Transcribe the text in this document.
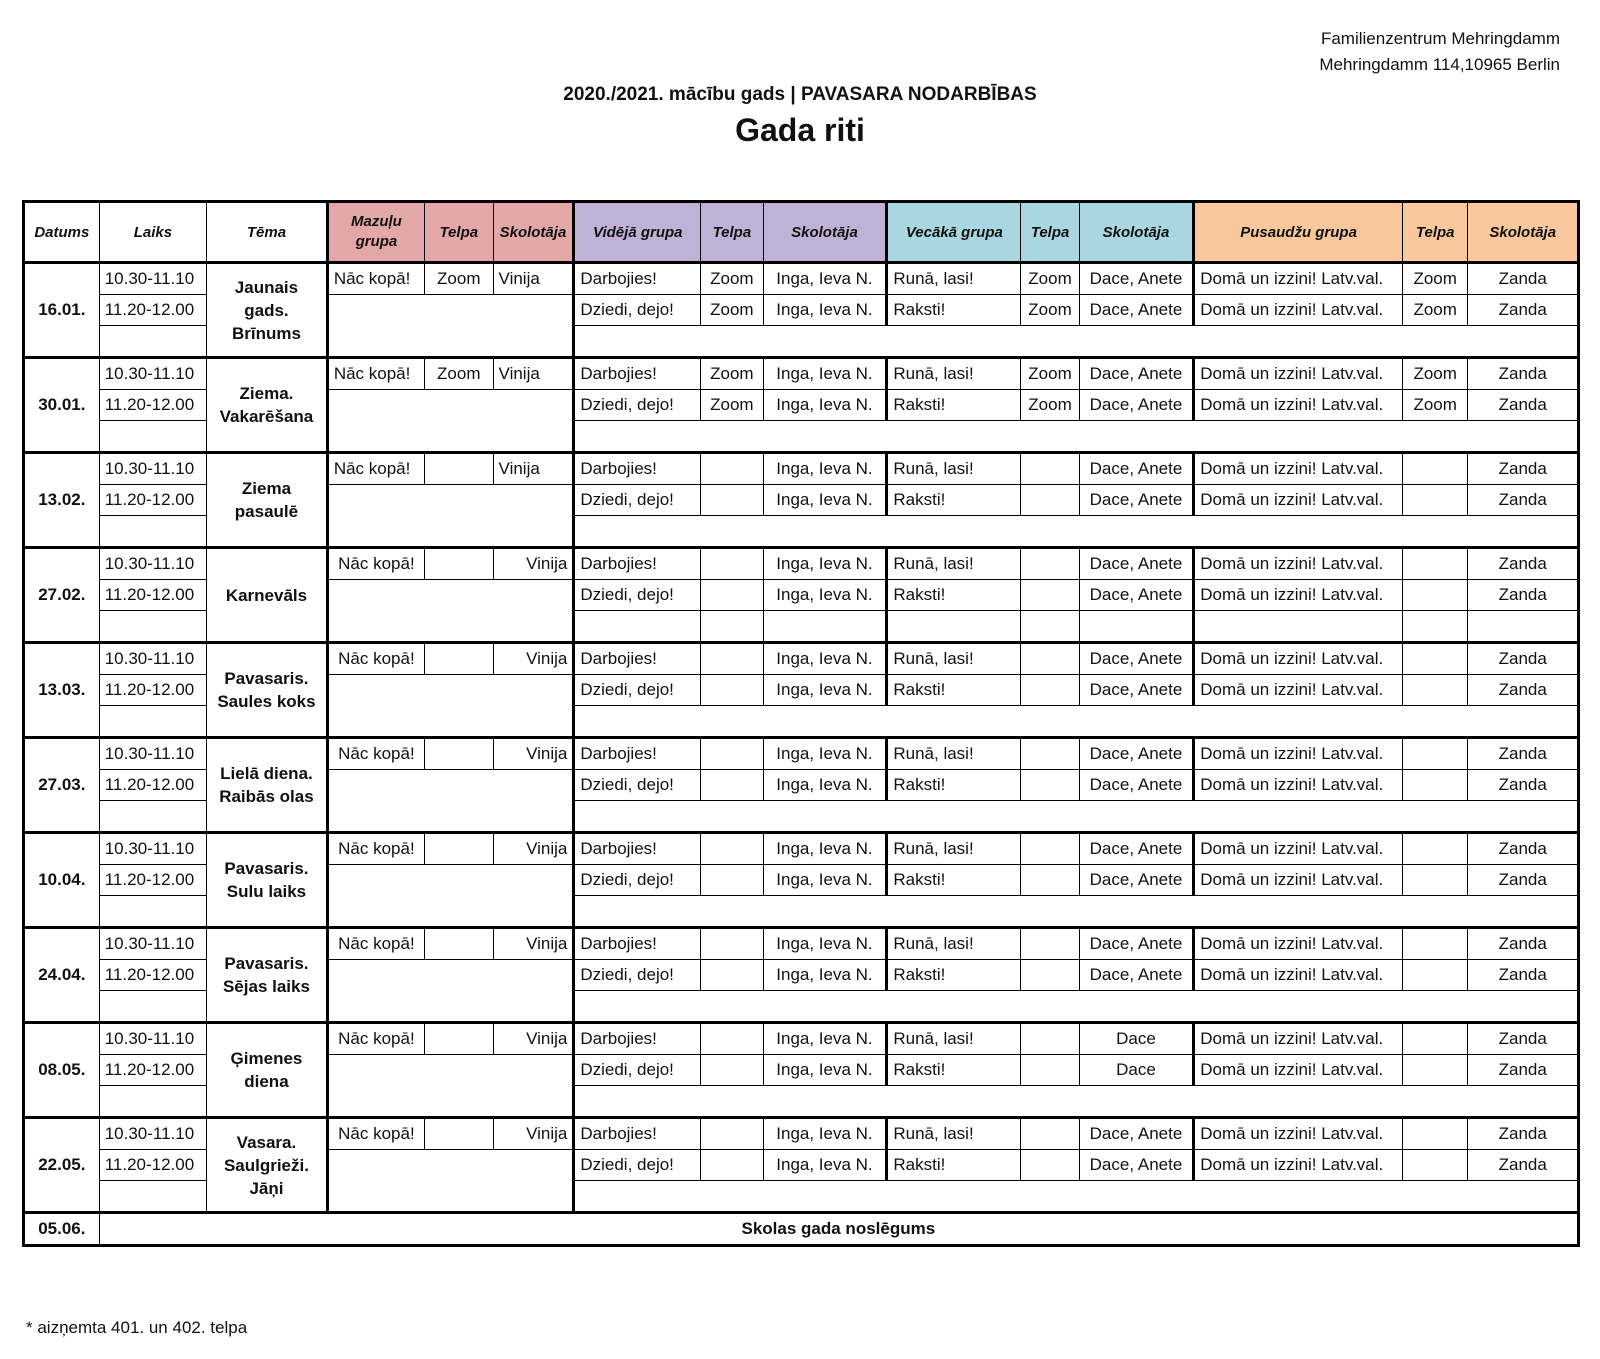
Familienzentrum Mehringdamm
Mehringdamm 114,10965 Berlin
2020./2021. mācību gads | PAVASARA NODARBĪBAS
Gada riti
Datums	Laiks	Tēma	Mazuļu grupa	Telpa	Skolotāja	Vidējā grupa	Telpa	Skolotāja	Vecākā grupa	Telpa	Skolotāja	Pusaudžu grupa	Telpa	Skolotāja
16.01.	10.30-11.10	Jaunais gads. Brīnums	Nāc kopā!	Zoom	Vinija	Darbojies!	Zoom	Inga, Ieva N.	Runā, lasi!	Zoom	Dace, Anete	Domā un izzini! Latv.val.	Zoom	Zanda
	11.20-12.00					Dziedi, dejo!	Zoom	Inga, Ieva N.	Raksti!	Zoom	Dace, Anete	Domā un izzini! Latv.val.	Zoom	Zanda

30.01.	10.30-11.10	Ziema. Vakarēšana	Nāc kopā!	Zoom	Vinija	Darbojies!	Zoom	Inga, Ieva N.	Runā, lasi!	Zoom	Dace, Anete	Domā un izzini! Latv.val.	Zoom	Zanda
	11.20-12.00					Dziedi, dejo!	Zoom	Inga, Ieva N.	Raksti!	Zoom	Dace, Anete	Domā un izzini! Latv.val.	Zoom	Zanda

13.02.	10.30-11.10	Ziema pasaulē	Nāc kopā!		Vinija	Darbojies!		Inga, Ieva N.	Runā, lasi!		Dace, Anete	Domā un izzini! Latv.val.		Zanda
	11.20-12.00					Dziedi, dejo!		Inga, Ieva N.	Raksti!		Dace, Anete	Domā un izzini! Latv.val.		Zanda

27.02.	10.30-11.10	Karnevāls	Nāc kopā!		Vinija	Darbojies!		Inga, Ieva N.	Runā, lasi!		Dace, Anete	Domā un izzini! Latv.val.		Zanda
	11.20-12.00					Dziedi, dejo!		Inga, Ieva N.	Raksti!		Dace, Anete	Domā un izzini! Latv.val.		Zanda

13.03.	10.30-11.10	Pavasaris. Saules koks	Nāc kopā!		Vinija	Darbojies!		Inga, Ieva N.	Runā, lasi!		Dace, Anete	Domā un izzini! Latv.val.		Zanda
	11.20-12.00					Dziedi, dejo!		Inga, Ieva N.	Raksti!		Dace, Anete	Domā un izzini! Latv.val.		Zanda

27.03.	10.30-11.10	Lielā diena. Raibās olas	Nāc kopā!		Vinija	Darbojies!		Inga, Ieva N.	Runā, lasi!		Dace, Anete	Domā un izzini! Latv.val.		Zanda
	11.20-12.00					Dziedi, dejo!		Inga, Ieva N.	Raksti!		Dace, Anete	Domā un izzini! Latv.val.		Zanda

10.04.	10.30-11.10	Pavasaris. Sulu laiks	Nāc kopā!		Vinija	Darbojies!		Inga, Ieva N.	Runā, lasi!		Dace, Anete	Domā un izzini! Latv.val.		Zanda
	11.20-12.00					Dziedi, dejo!		Inga, Ieva N.	Raksti!		Dace, Anete	Domā un izzini! Latv.val.		Zanda

24.04.	10.30-11.10	Pavasaris. Sējas laiks	Nāc kopā!		Vinija	Darbojies!		Inga, Ieva N.	Runā, lasi!		Dace, Anete	Domā un izzini! Latv.val.		Zanda
	11.20-12.00					Dziedi, dejo!		Inga, Ieva N.	Raksti!		Dace, Anete	Domā un izzini! Latv.val.		Zanda

08.05.	10.30-11.10	Ģimenes diena	Nāc kopā!		Vinija	Darbojies!		Inga, Ieva N.	Runā, lasi!		Dace	Domā un izzini! Latv.val.		Zanda
	11.20-12.00					Dziedi, dejo!		Inga, Ieva N.	Raksti!		Dace	Domā un izzini! Latv.val.		Zanda

22.05.	10.30-11.10	Vasara. Saulgrieži. Jāņi	Nāc kopā!		Vinija	Darbojies!		Inga, Ieva N.	Runā, lasi!		Dace, Anete	Domā un izzini! Latv.val.		Zanda
	11.20-12.00					Dziedi, dejo!		Inga, Ieva N.	Raksti!		Dace, Anete	Domā un izzini! Latv.val.		Zanda

05.06.	Skolas gada noslēgums													
* aizņemta 401. un 402. telpa
